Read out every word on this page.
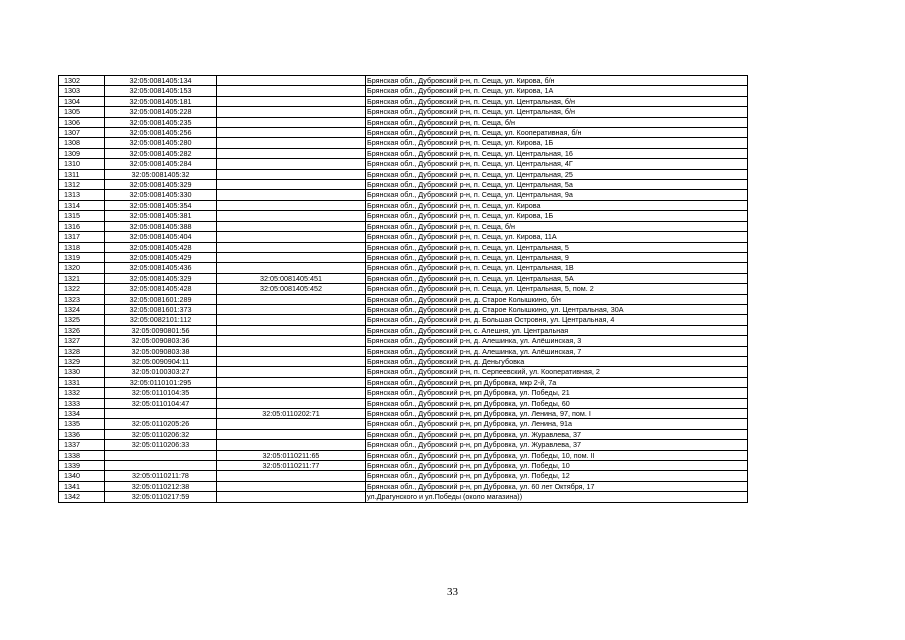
1302	32:05:0081405:134		Брянская обл., Дубровский р-н, п. Сеща, ул. Кирова, б/н
1303	32:05:0081405:153		Брянская обл., Дубровский р-н, п. Сеща, ул. Кирова, 1А
1304	32:05:0081405:181		Брянская обл., Дубровский р-н, п. Сеща, ул. Центральная, б/н
1305	32:05:0081405:228		Брянская обл., Дубровский р-н, п. Сеща, ул. Центральная, б/н
1306	32:05:0081405:235		Брянская обл., Дубровский р-н, п. Сеща, б/н
1307	32:05:0081405:256		Брянская обл., Дубровский р-н, п. Сеща, ул. Кооперативная, б/н
1308	32:05:0081405:280		Брянская обл., Дубровский р-н, п. Сеща, ул. Кирова, 1Б
1309	32:05:0081405:282		Брянская обл., Дубровский р-н, п. Сеща, ул. Центральная, 16
1310	32:05:0081405:284		Брянская обл., Дубровский р-н, п. Сеща, ул. Центральная, 4Г
1311	32:05:0081405:32		Брянская обл., Дубровский р-н, п. Сеща, ул. Центральная, 25
1312	32:05:0081405:329		Брянская обл., Дубровский р-н, п. Сеща, ул. Центральная, 5а
1313	32:05:0081405:330		Брянская обл., Дубровский р-н, п. Сеща, ул. Центральная, 9а
1314	32:05:0081405:354		Брянская обл., Дубровский р-н, п. Сеща, ул. Кирова
1315	32:05:0081405:381		Брянская обл., Дубровский р-н, п. Сеща, ул. Кирова, 1Б
1316	32:05:0081405:388		Брянская обл., Дубровский р-н, п. Сеща, б/н
1317	32:05:0081405:404		Брянская обл., Дубровский р-н, п. Сеща, ул. Кирова, 11А
1318	32:05:0081405:428		Брянская обл., Дубровский р-н, п. Сеща, ул. Центральная, 5
1319	32:05:0081405:429		Брянская обл., Дубровский р-н, п. Сеща, ул. Центральная, 9
1320	32:05:0081405:436		Брянская обл., Дубровский р-н, п. Сеща, ул. Центральная, 1В
1321	32:05:0081405:329	32:05:0081405:451	Брянская обл., Дубровский р-н, п. Сеща, ул. Центральная, 5А
1322	32:05:0081405:428	32:05:0081405:452	Брянская обл., Дубровский р-н, п. Сеща, ул. Центральная, 5, пом. 2
1323	32:05:0081601:289		Брянская обл., Дубровский р-н, д. Старое Колышкино, б/н
1324	32:05:0081601:373		Брянская обл., Дубровский р-н, д. Старое Колышкино, ул. Центральная, 30А
1325	32:05:0082101:112		Брянская обл., Дубровский р-н, д. Большая Островня, ул. Центральная, 4
1326	32:05:0090801:56		Брянская обл., Дубровский р-н, с. Алешня, ул. Центральная
1327	32:05:0090803:36		Брянская обл., Дубровский р-н, д. Алешинка, ул. Алёшинская, 3
1328	32:05:0090803:38		Брянская обл., Дубровский р-н, д. Алешинка, ул. Алёшинская, 7
1329	32:05:0090904:11		Брянская обл., Дубровский р-н, д. Деньгубовка
1330	32:05:0100303:27		Брянская обл., Дубровский р-н, п. Серпеевский, ул. Кооперативная, 2
1331	32:05:0110101:295		Брянская обл., Дубровский р-н, рп Дубровка, мкр 2-й, 7а
1332	32:05:0110104:35		Брянская обл., Дубровский р-н, рп Дубровка, ул. Победы, 21
1333	32:05:0110104:47		Брянская обл., Дубровский р-н, рп Дубровка, ул. Победы, 60
1334		32:05:0110202:71	Брянская обл., Дубровский р-н, рп Дубровка, ул. Ленина, 97, пом. I
1335	32:05:0110205:26		Брянская обл., Дубровский р-н, рп Дубровка, ул. Ленина, 91а
1336	32:05:0110206:32		Брянская обл., Дубровский р-н, рп Дубровка, ул. Журавлева, 37
1337	32:05:0110206:33		Брянская обл., Дубровский р-н, рп Дубровка, ул. Журавлева, 37
1338		32:05:0110211:65	Брянская обл., Дубровский р-н, рп Дубровка, ул. Победы, 10, пом. II
1339		32:05:0110211:77	Брянская обл., Дубровский р-н, рп Дубровка, ул. Победы, 10
1340	32:05:0110211:78		Брянская обл., Дубровский р-н, рп Дубровка, ул. Победы, 12
1341	32:05:0110212:38		Брянская обл., Дубровский р-н, рп Дубровка, ул. 60 лет Октября, 17
1342	32:05:0110217:59		ул.Драгунского и ул.Победы (около магазина))
33
